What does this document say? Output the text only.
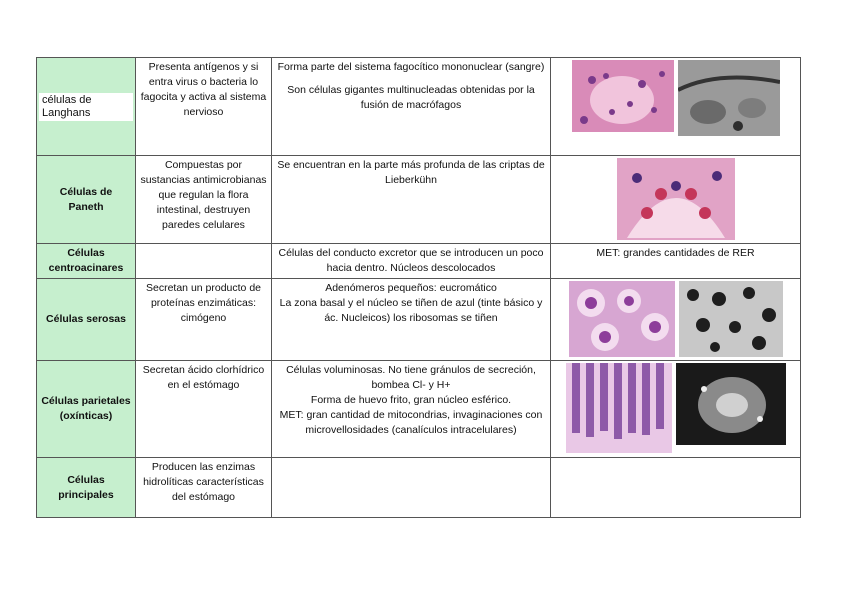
células de Langhans	Presenta antígenos y si entra virus o bacteria lo fagocita y activa al sistema nervioso	Forma parte del sistema fagocítico mononuclear (sangre)
Son células gigantes multinucleadas obtenidas por la fusión de macrófagos

Células de Paneth	Compuestas por sustancias antimicrobianas que regulan la flora intestinal, destruyen paredes celulares	Se encuentran en la parte más profunda de las criptas de Lieberkühn	

Células centroacinares		Células del conducto excretor que se introducen un poco hacia dentro. Núcleos descolocados	MET: grandes cantidades de RER
Células serosas	Secretan un producto de proteínas enzimáticas: cimógeno	Adenómeros pequeños: eucromático
La zona basal y el núcleo se tiñen de azul (tinte básico y ác. Nucleicos) los ribosomas se tiñen

Células parietales (oxínticas)	Secretan ácido clorhídrico en el estómago	Células voluminosas. No tiene gránulos de secreción, bombea Cl- y H+
Forma de huevo frito, gran núcleo esférico.
MET: gran cantidad de mitocondrias, invaginaciones con microvellosidades (canalículos intracelulares)

Células principales	Producen las enzimas hidrolíticas características del estómago		
